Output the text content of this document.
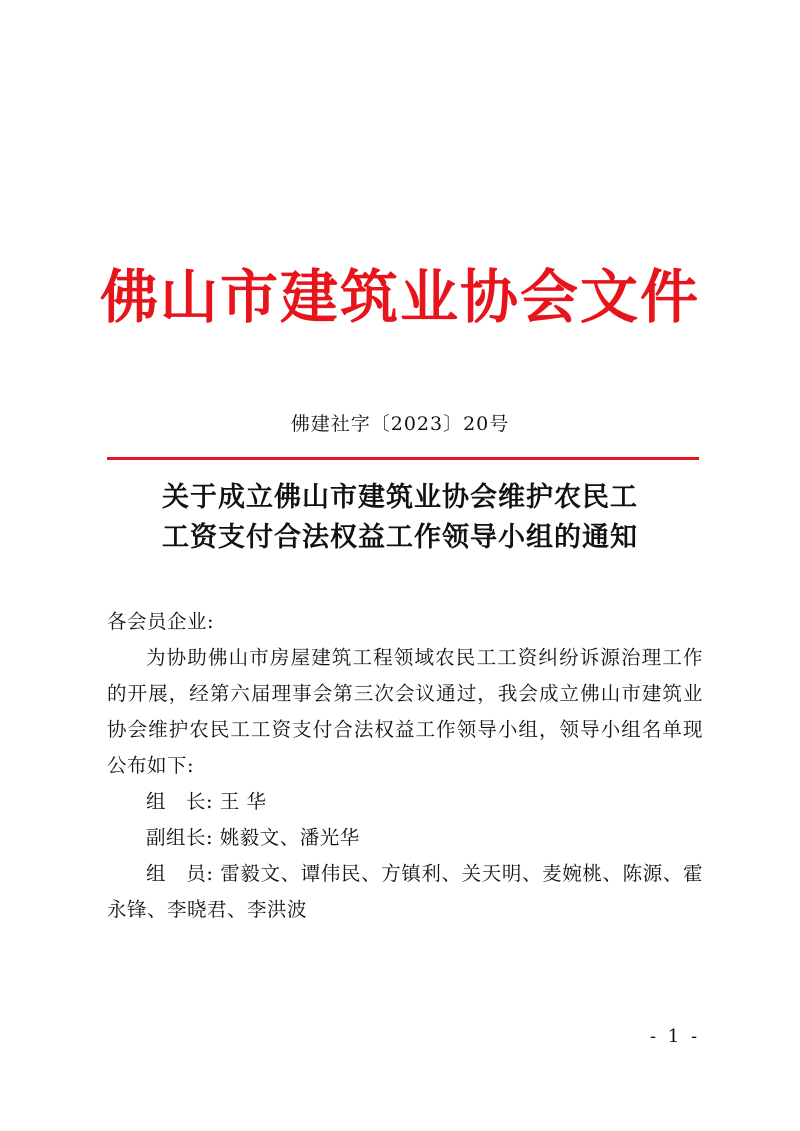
佛山市建筑业协会文件
佛建社字〔2023〕20号
关于成立佛山市建筑业协会维护农民工
工资支付合法权益工作领导小组的通知

各会员企业:

为协助佛山市房屋建筑工程领域农民工工资纠纷诉源治理工作的开展，经第六届理事会第三次会议通过，我会成立佛山市建筑业协会维护农民工工资支付合法权益工作领导小组，领导小组名单现公布如下:

组　长: 王 华

副组长: 姚毅文、潘光华

组　员: 雷毅文、谭伟民、方镇利、关天明、麦婉桃、陈源、霍永锋、李晓君、李洪波

- 1 -
